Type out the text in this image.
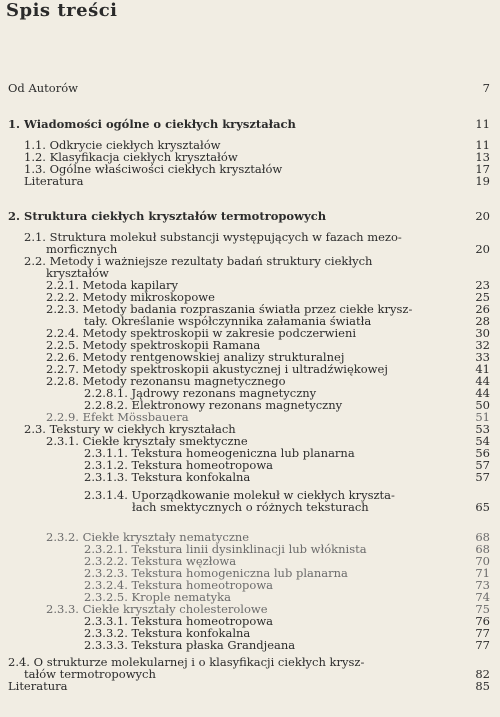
Spis treści
Od Autorów	7
1. Wiadomości ogólne o ciekłych kryształach	11
1.1. Odkrycie ciekłych kryształów	11
1.2. Klasyfikacja ciekłych kryształów	13
1.3. Ogólne właściwości ciekłych kryształów	17
Literatura	19
2. Struktura ciekłych kryształów termotropowych	20
2.1. Struktura molekuł substancji występujących w fazach mezo-
morficznych	20
2.2. Metody i ważniejsze rezultaty badań struktury ciekłych
kryształów
2.2.1. Metoda kapilary	23
2.2.2. Metody mikroskopowe	25
2.2.3. Metody badania rozpraszania światła przez ciekłe krysz-	26
tały. Określanie współczynnika załamania światła	28
2.2.4. Metody spektroskopii w zakresie podczerwieni	30
2.2.5. Metody spektroskopii Ramana	32
2.2.6. Metody rentgenowskiej analizy strukturalnej	33
2.2.7. Metody spektroskopii akustycznej i ultradźwiękowej	41
2.2.8. Metody rezonansu magnetycznego	44
2.2.8.1. Jądrowy rezonans magnetyczny	44
2.2.8.2. Elektronowy rezonans magnetyczny	50
2.2.9. Efekt Mössbauera	51
2.3. Tekstury w ciekłych kryształach	53
2.3.1. Ciekłe kryształy smektyczne	54
2.3.1.1. Tekstura homeogeniczna lub planarna	56
2.3.1.2. Tekstura homeotropowa	57
2.3.1.3. Tekstura konfokalna	57
2.3.1.4. Uporządkowanie molekuł w ciekłych kryszta-
łach smektycznych o różnych teksturach	65
2.3.2. Ciekłe kryształy nematyczne	68
2.3.2.1. Tekstura linii dysinklinacji lub włóknista	68
2.3.2.2. Tekstura węzłowa	70
2.3.2.3. Tekstura homogeniczna lub planarna	71
2.3.2.4. Tekstura homeotropowa	73
2.3.2.5. Krople nematyka	74
2.3.3. Ciekłe kryształy cholesterolowe	75
2.3.3.1. Tekstura homeotropowa	76
2.3.3.2. Tekstura konfokalna	77
2.3.3.3. Tekstura płaska Grandjeana	77
2.4. O strukturze molekularnej i o klasyfikacji ciekłych krysz-
tałów termotropowych	82
Literatura	85
